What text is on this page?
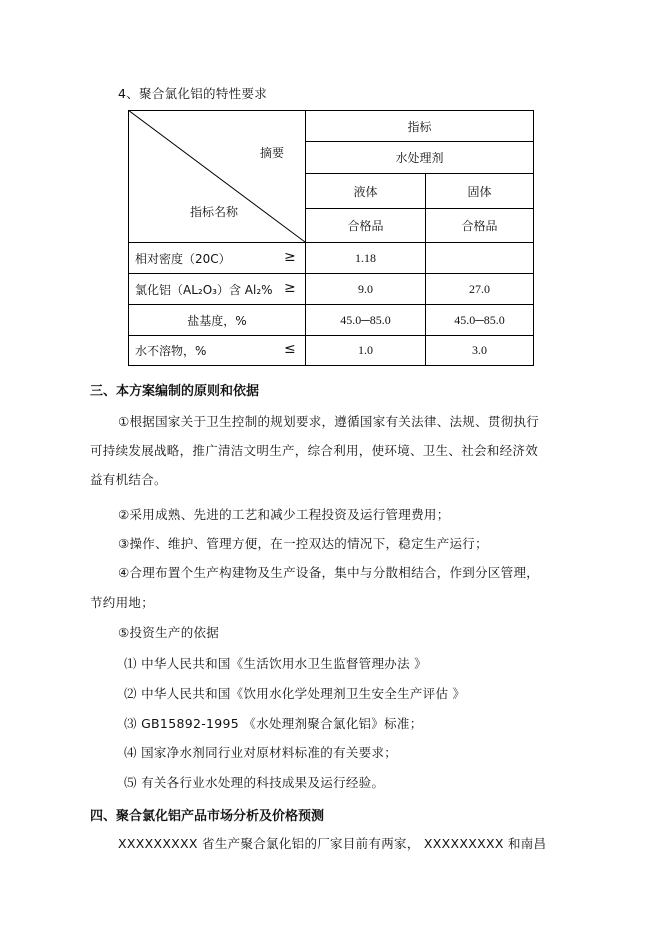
4、聚合氯化铝的特性要求
摘要
指标名称
指标
水处理剂
液体	固体
合格品	合格品
相对密度（20C）	≥	1.18
氯化铝（AL₂O₃）含 Al₂% ≥	9.0	27.0
盐基度，%	45.0─85.0	45.0─85.0
水不溶物，%	≤	1.0	3.0
三、本方案编制的原则和依据
①根据国家关于卫生控制的规划要求，遵循国家有关法律、法规、贯彻执行
可持续发展战略，推广清洁文明生产，综合利用，使环境、卫生、社会和经济效
益有机结合。
②采用成熟、先进的工艺和减少工程投资及运行管理费用；
③操作、维护、管理方便，在一控双达的情况下，稳定生产运行；
④合理布置个生产构建物及生产设备，集中与分散相结合，作到分区管理，
节约用地；
⑤投资生产的依据
⑴ 中华人民共和国《生活饮用水卫生监督管理办法 》
⑵ 中华人民共和国《饮用水化学处理剂卫生安全生产评估 》
⑶ GB15892-1995 《水处理剂聚合氯化铝》标准；
⑷ 国家净水剂同行业对原材料标准的有关要求；
⑸ 有关各行业水处理的科技成果及运行经验。
四、聚合氯化铝产品市场分析及价格预测
XXXXXXXXX 省生产聚合氯化铝的厂家目前有两家， XXXXXXXXX 和南昌
